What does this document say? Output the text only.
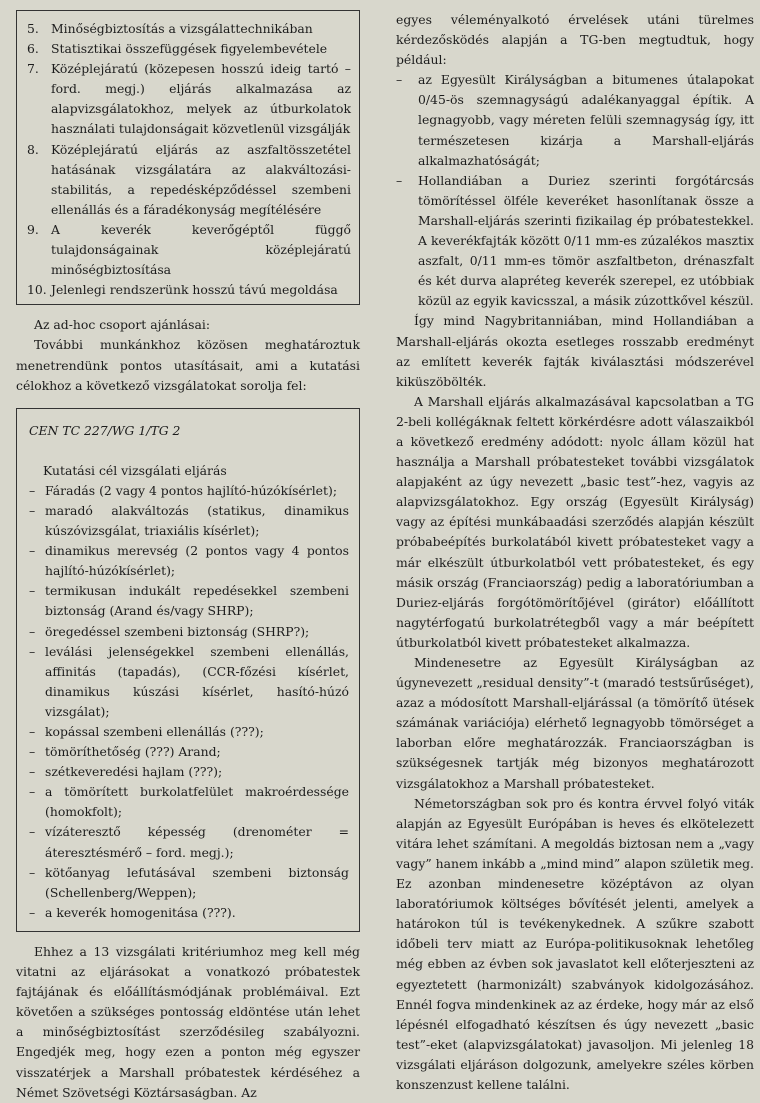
5. Minőségbiztosítás a vizsgálattechnikában
6. Statisztikai összefüggések figyelembevétele
7. Középlejáratú (közepesen hosszú ideig tartó – ford. megj.) eljárás alkalmazása az alapvizsgálatokhoz, melyek az útburkolatok használati tulajdonságait közvetlenül vizsgálják
8. Középlejáratú eljárás az aszfaltösszetétel hatásának vizsgálatára az alakváltozási-stabilitás, a repedésképződéssel szembeni ellenállás és a fáradékonyság megítélésére
9. A keverék keverőgéptől függő tulajdonságainak középlejáratú minőségbiztosítása
10. Jelenlegi rendszerünk hosszú távú megoldása

Az ad-hoc csoport ajánlásai:

További munkánkhoz közösen meghatároztuk menetrendünk pontos utasításait, ami a kutatási célokhoz a következő vizsgálatokat sorolja fel:

CEN TC 227/WG 1/TG 2
Kutatási cél vizsgálati eljárás
– Fáradás (2 vagy 4 pontos hajlító-húzókísérlet);
– maradó alakváltozás (statikus, dinamikus kúszóvizsgálat, triaxiális kísérlet);
– dinamikus merevség (2 pontos vagy 4 pontos hajlító-húzókísérlet);
– termikusan indukált repedésekkel szembeni biztonság (Arand és/vagy SHRP);
– öregedéssel szembeni biztonság (SHRP?);
– leválási jelenségekkel szembeni ellenállás, affinitás (tapadás), (CCR-főzési kísérlet, dinamikus kúszási kísérlet, hasító-húzó vizsgálat);
– kopással szembeni ellenállás (???);
– tömöríthetőség (???) Arand;
– szétkeveredési hajlam (???);
– a tömörített burkolatfelület makroérdessége (homokfolt);
– vízáteresztő képesség (drenométer = áteresztésmérő – ford. megj.);
– kötőanyag lefutásával szembeni biztonság (Schellenberg/Weppen);
– a keverék homogenitása (???).

Ehhez a 13 vizsgálati kritériumhoz meg kell még vitatni az eljárásokat a vonatkozó próbatestek fajtájának és előállításmódjának problémáival. Ezt követően a szükséges pontosság eldöntése után lehet a minőségbiztosítást szerződésileg szabályozni. Engedjék meg, hogy ezen a ponton még egyszer visszatérjek a Marshall próbatestek kérdéséhez a Német Szövetségi Köztársaságban. Az

egyes véleményalkotó érvelések utáni türelmes kérdezősködés alapján a TG-ben megtudtuk, hogy például:

–	az Egyesült Királyságban a bitumenes útalapokat 0/45-ös szemnagyságú adalékanyaggal építik. A legnagyobb, vagy méreten felüli szemnagyság így, itt természetesen kizárja a Marshall-eljárás alkalmazhatóságát;
–	Hollandiában a Duriez szerinti forgótárcsás tömörítéssel ölféle keveréket hasonlítanak össze a Marshall-eljárás szerinti fizikailag ép próbatestekkel. A keverékfajták között 0/11 mm-es zúzalékos masztix aszfalt, 0/11 mm-es tömör aszfaltbeton, drénaszfalt és két durva alapréteg keverék szerepel, ez utóbbiak közül az egyik kavicsszal, a másik zúzottkővel készül.

Így mind Nagybritanniában, mind Hollandiában a Marshall-eljárás okozta esetleges rosszabb eredményt az említett keverék fajták kiválasztási módszerével kiküszöbölték.

A Marshall eljárás alkalmazásával kapcsolatban a TG 2-beli kollégáknak feltett körkérdésre adott válaszaikból a következő eredmény adódott: nyolc állam közül hat használja a Marshall próbatesteket további vizsgálatok alapjaként az úgy nevezett „basic test”-hez, vagyis az alapvizsgálatokhoz. Egy ország (Egyesült Királyság) vagy az építési munkábaadási szerződés alapján készült próbabeépítés burkolatából kivett próbatesteket vagy a már elkészült útburkolatból vett próbatesteket, és egy másik ország (Franciaország) pedig a laboratóriumban a Duriez-eljárás forgótömörítőjével (girátor) előállított nagytérfogatú burkolatrétegből vagy a már beépített útburkolatból kivett próbatesteket alkalmazza.

Mindenesetre az Egyesült Királyságban az úgynevezett „residual density”-t (maradó testsűrűséget), azaz a módosított Marshall-eljárással (a tömörítő ütések számának variációja) elérhető legnagyobb tömörséget a laborban előre meghatározzák. Franciaországban is szükségesnek tartják még bizonyos meghatározott vizsgálatokhoz a Marshall próbatesteket.

Németországban sok pro és kontra érvvel folyó viták alapján az Egyesült Európában is heves és elkötelezett vitára lehet számítani. A megoldás biztosan nem a „vagy vagy” hanem inkább a „mind mind” alapon születik meg. Ez azonban mindenesetre középtávon az olyan laboratóriumok költséges bővítését jelenti, amelyek a határokon túl is tevékenykednek. A szűkre szabott időbeli terv miatt az Európa-politikusoknak lehetőleg még ebben az évben sok javaslatot kell előterjeszteni az egyeztetett (harmonizált) szabványok kidolgozásához. Ennél fogva mindenkinek az az érdeke, hogy már az első lépésnél elfogadható készítsen és úgy nevezett „basic test”-eket (alapvizsgálatokat) javasoljon. Mi jelenleg 18 vizsgálati eljáráson dolgozunk, amelyekre széles körben konszenzust kellene találni.
